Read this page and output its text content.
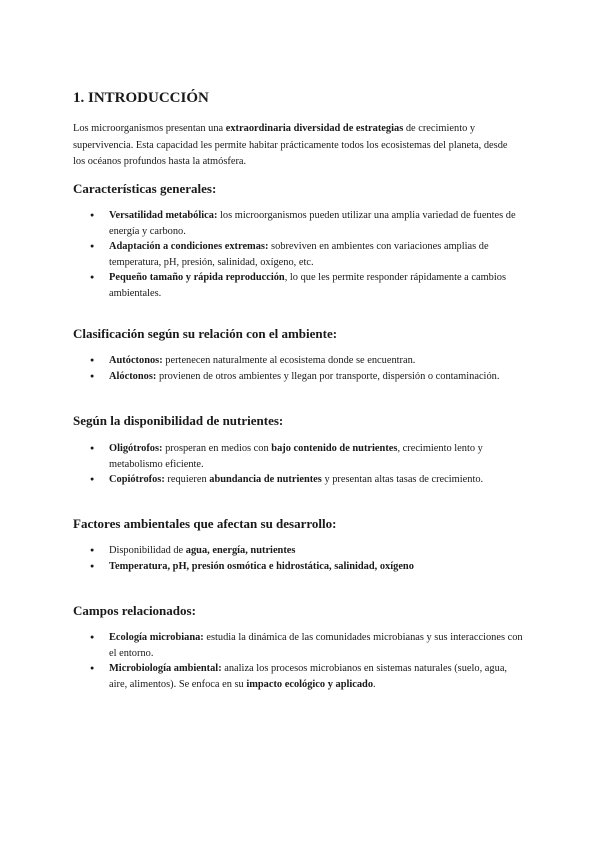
1. INTRODUCCIÓN

Los microorganismos presentan una extraordinaria diversidad de estrategias de crecimiento y supervivencia. Esta capacidad les permite habitar prácticamente todos los ecosistemas del planeta, desde los océanos profundos hasta la atmósfera.

Características generales:
● Versatilidad metabólica: los microorganismos pueden utilizar una amplia variedad de fuentes de energía y carbono.
● Adaptación a condiciones extremas: sobreviven en ambientes con variaciones amplias de temperatura, pH, presión, salinidad, oxígeno, etc.
● Pequeño tamaño y rápida reproducción, lo que les permite responder rápidamente a cambios ambientales.
Clasificación según su relación con el ambiente:
● Autóctonos: pertenecen naturalmente al ecosistema donde se encuentran.
● Alóctonos: provienen de otros ambientes y llegan por transporte, dispersión o contaminación.
Según la disponibilidad de nutrientes:
● Oligótrofos: prosperan en medios con bajo contenido de nutrientes, crecimiento lento y metabolismo eficiente.
● Copiótrofos: requieren abundancia de nutrientes y presentan altas tasas de crecimiento.
Factores ambientales que afectan su desarrollo:
● Disponibilidad de agua, energía, nutrientes
● Temperatura, pH, presión osmótica e hidrostática, salinidad, oxígeno
Campos relacionados:
● Ecología microbiana: estudia la dinámica de las comunidades microbianas y sus interacciones con el entorno.
● Microbiología ambiental: analiza los procesos microbianos en sistemas naturales (suelo, agua, aire, alimentos). Se enfoca en su impacto ecológico y aplicado.
